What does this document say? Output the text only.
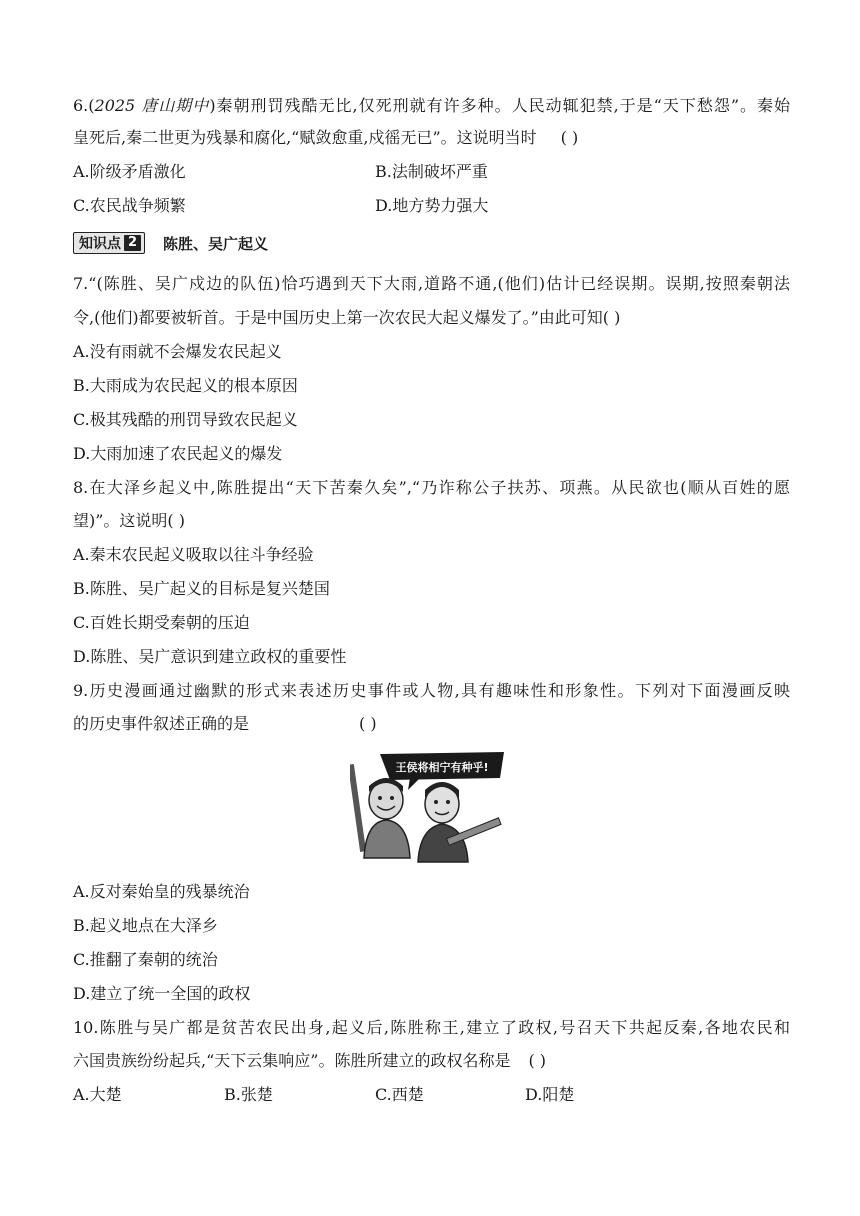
6.(2025 唐山期中)秦朝刑罚残酷无比,仅死刑就有许多种。人民动辄犯禁,于是“天下愁怨”。秦始
皇死后,秦二世更为残暴和腐化,“赋敛愈重,戍徭无已”。这说明当时 ( )
A.阶级矛盾激化	B.法制破坏严重
C.农民战争频繁	D.地方势力强大
知识点 2 陈胜、吴广起义
7.“(陈胜、吴广戍边的队伍)恰巧遇到天下大雨,道路不通,(他们)估计已经误期。误期,按照秦朝法
令,(他们)都要被斩首。于是中国历史上第一次农民大起义爆发了。”由此可知( )
A.没有雨就不会爆发农民起义
B.大雨成为农民起义的根本原因
C.极其残酷的刑罚导致农民起义
D.大雨加速了农民起义的爆发
8.在大泽乡起义中,陈胜提出“天下苦秦久矣”,“乃诈称公子扶苏、项燕。从民欲也(顺从百姓的愿
望)”。这说明( )
A.秦末农民起义吸取以往斗争经验
B.陈胜、吴广起义的目标是复兴楚国
C.百姓长期受秦朝的压迫
D.陈胜、吴广意识到建立政权的重要性
9.历史漫画通过幽默的形式来表述历史事件或人物,具有趣味性和形象性。下列对下面漫画反映
的历史事件叙述正确的是	( )
王侯将相宁有种乎!
A.反对秦始皇的残暴统治
B.起义地点在大泽乡
C.推翻了秦朝的统治
D.建立了统一全国的政权
10.陈胜与吴广都是贫苦农民出身,起义后,陈胜称王,建立了政权,号召天下共起反秦,各地农民和
六国贵族纷纷起兵,“天下云集响应”。陈胜所建立的政权名称是 ( )
A.大楚	B.张楚	C.西楚	D.阳楚
